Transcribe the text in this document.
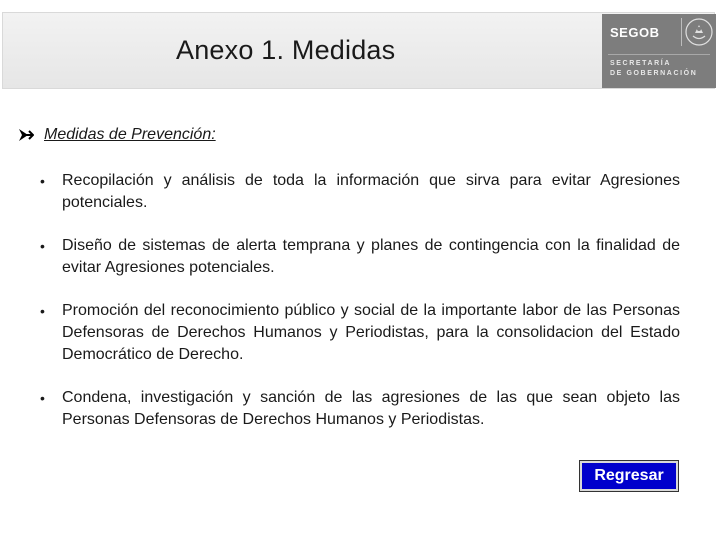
Anexo 1. Medidas
SEGOB
SECRETARÍA
DE GOBERNACIÓN
Medidas de Prevención:
• Recopilación y análisis de toda la información que sirva para evitar Agresiones potenciales.
• Diseño de sistemas de alerta temprana y planes de contingencia con la finalidad de evitar Agresiones potenciales.
• Promoción del reconocimiento público y social de la importante labor de las Personas Defensoras de Derechos Humanos y Periodistas, para la consolidacion del Estado Democrático de Derecho.
• Condena, investigación y sanción de las agresiones de las que sean objeto las Personas Defensoras de Derechos Humanos y Periodistas.
Regresar
